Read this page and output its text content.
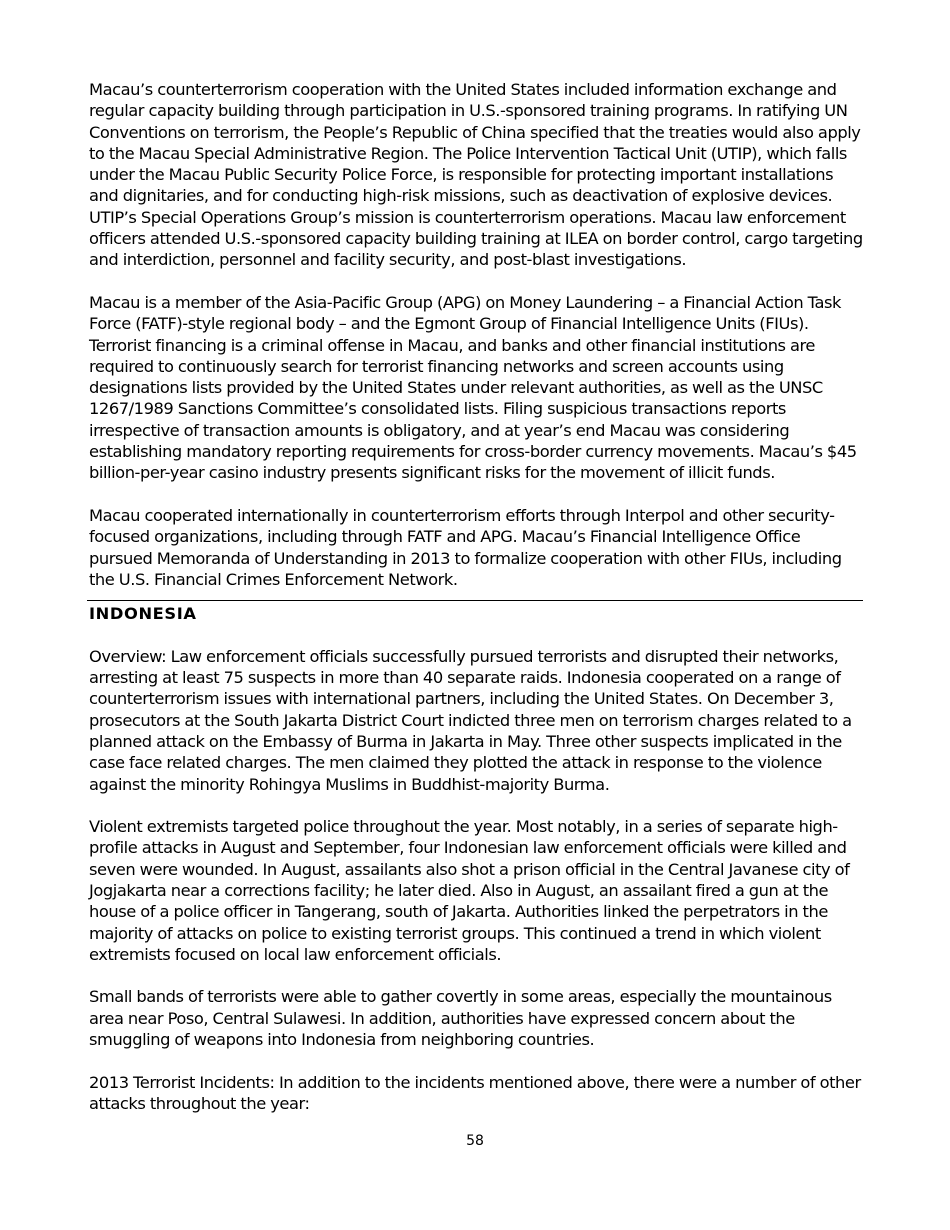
Macau’s counterterrorism cooperation with the United States included information exchange and regular capacity building through participation in U.S.-sponsored training programs. In ratifying UN Conventions on terrorism, the People’s Republic of China specified that the treaties would also apply to the Macau Special Administrative Region. The Police Intervention Tactical Unit (UTIP), which falls under the Macau Public Security Police Force, is responsible for protecting important installations and dignitaries, and for conducting high-risk missions, such as deactivation of explosive devices. UTIP’s Special Operations Group’s mission is counterterrorism operations. Macau law enforcement officers attended U.S.-sponsored capacity building training at ILEA on border control, cargo targeting and interdiction, personnel and facility security, and post-blast investigations.

Macau is a member of the Asia-Pacific Group (APG) on Money Laundering – a Financial Action Task Force (FATF)-style regional body – and the Egmont Group of Financial Intelligence Units (FIUs). Terrorist financing is a criminal offense in Macau, and banks and other financial institutions are required to continuously search for terrorist financing networks and screen accounts using designations lists provided by the United States under relevant authorities, as well as the UNSC 1267/1989 Sanctions Committee’s consolidated lists. Filing suspicious transactions reports irrespective of transaction amounts is obligatory, and at year’s end Macau was considering establishing mandatory reporting requirements for cross-border currency movements. Macau’s $45 billion-per-year casino industry presents significant risks for the movement of illicit funds.

Macau cooperated internationally in counterterrorism efforts through Interpol and other security-focused organizations, including through FATF and APG. Macau’s Financial Intelligence Office pursued Memoranda of Understanding in 2013 to formalize cooperation with other FIUs, including the U.S. Financial Crimes Enforcement Network.

INDONESIA

Overview: Law enforcement officials successfully pursued terrorists and disrupted their networks, arresting at least 75 suspects in more than 40 separate raids. Indonesia cooperated on a range of counterterrorism issues with international partners, including the United States. On December 3, prosecutors at the South Jakarta District Court indicted three men on terrorism charges related to a planned attack on the Embassy of Burma in Jakarta in May. Three other suspects implicated in the case face related charges. The men claimed they plotted the attack in response to the violence against the minority Rohingya Muslims in Buddhist-majority Burma.

Violent extremists targeted police throughout the year. Most notably, in a series of separate high-profile attacks in August and September, four Indonesian law enforcement officials were killed and seven were wounded. In August, assailants also shot a prison official in the Central Javanese city of Jogjakarta near a corrections facility; he later died. Also in August, an assailant fired a gun at the house of a police officer in Tangerang, south of Jakarta. Authorities linked the perpetrators in the majority of attacks on police to existing terrorist groups. This continued a trend in which violent extremists focused on local law enforcement officials.

Small bands of terrorists were able to gather covertly in some areas, especially the mountainous area near Poso, Central Sulawesi. In addition, authorities have expressed concern about the smuggling of weapons into Indonesia from neighboring countries.

2013 Terrorist Incidents: In addition to the incidents mentioned above, there were a number of other attacks throughout the year:

58
